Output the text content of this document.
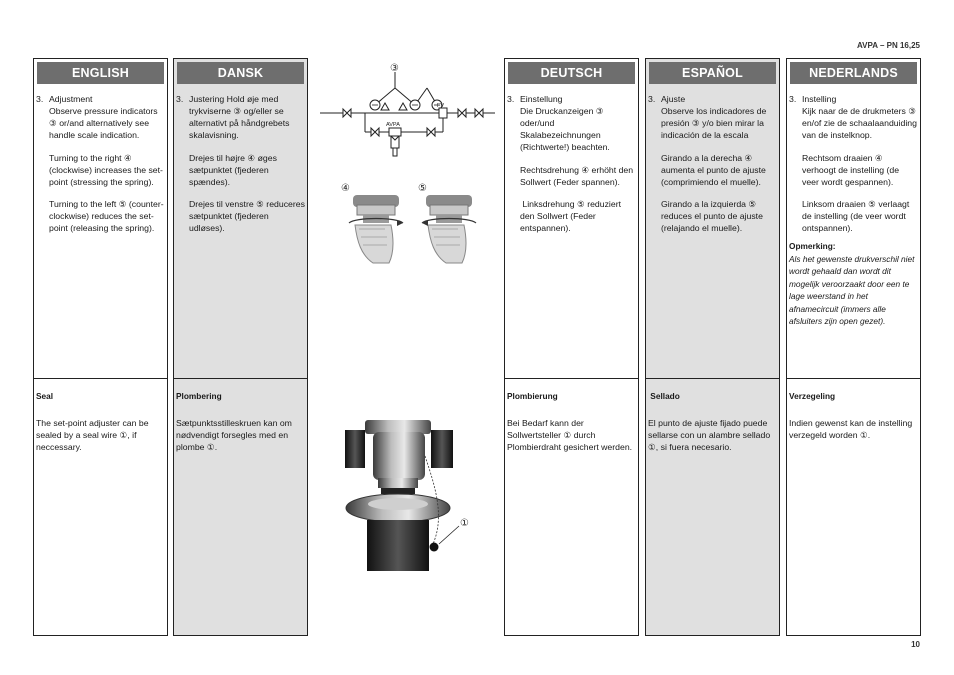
AVPA – PN 16,25
ENGLISH
3. Adjustment
Observe pressure indicators ③ or/and alternatively see handle scale indication.

Turning to the right ④ (clockwise) increases the set-point (stressing the spring).

Turning to the left ⑤ (counter-clockwise) reduces the set-point (releasing the spring).

Seal

The set-point adjuster can be sealed by a seal wire ①, if neccessary.

DANSK
3. Justering Hold øje med trykviserne ③ og/eller se alternativt på håndgrebets skalavisning.

Drejes til højre ④ øges sætpunktet (fjederen spændes).

Drejes til venstre ⑤ reduceres sætpunktet (fjederen udløses).

Plombering

Sætpunktsstilleskruen kan om nødvendigt forsegles med en plombe ①.

FV
AVPA
③
④	⑤
①
DEUTSCH
3. Einstellung
Die Druckanzeigen ③ oder/und Skalabezeichnungen (Richtwerte!) beachten.

Rechtsdrehung ④ erhöht den Sollwert (Feder spannen).

Linksdrehung ⑤ reduziert den Sollwert (Feder entspannen).

Plombierung

Bei Bedarf kann der Sollwertsteller ① durch Plombierdraht gesichert werden.

ESPAÑOL
3. Ajuste
Observe los indicadores de presión ③ y/o bien mirar la indicación de la escala

Girando a la derecha ④ aumenta el punto de ajuste (comprimiendo el muelle).

Girando a la izquierda ⑤ reduces el punto de ajuste (relajando el muelle).

Sellado

El punto de ajuste fijado puede sellarse con un alambre sellado ①, si fuera necesario.

NEDERLANDS
3. Instelling
Kijk naar de de drukmeters ③ en/of zie de schaalaanduiding van de instelknop.

Rechtsom draaien ④ verhoogt de instelling (de veer wordt gespannen).

Linksom draaien ⑤ verlaagt de instelling (de veer wordt ontspannen).

Opmerking:
Als het gewenste drukverschil niet wordt gehaald dan wordt dit mogelijk veroorzaakt door een te lage weerstand in het afnamecircuit (immers alle afsluiters zijn open gezet).
Verzegeling

Indien gewenst kan de instelling verzegeld worden ①.

10
